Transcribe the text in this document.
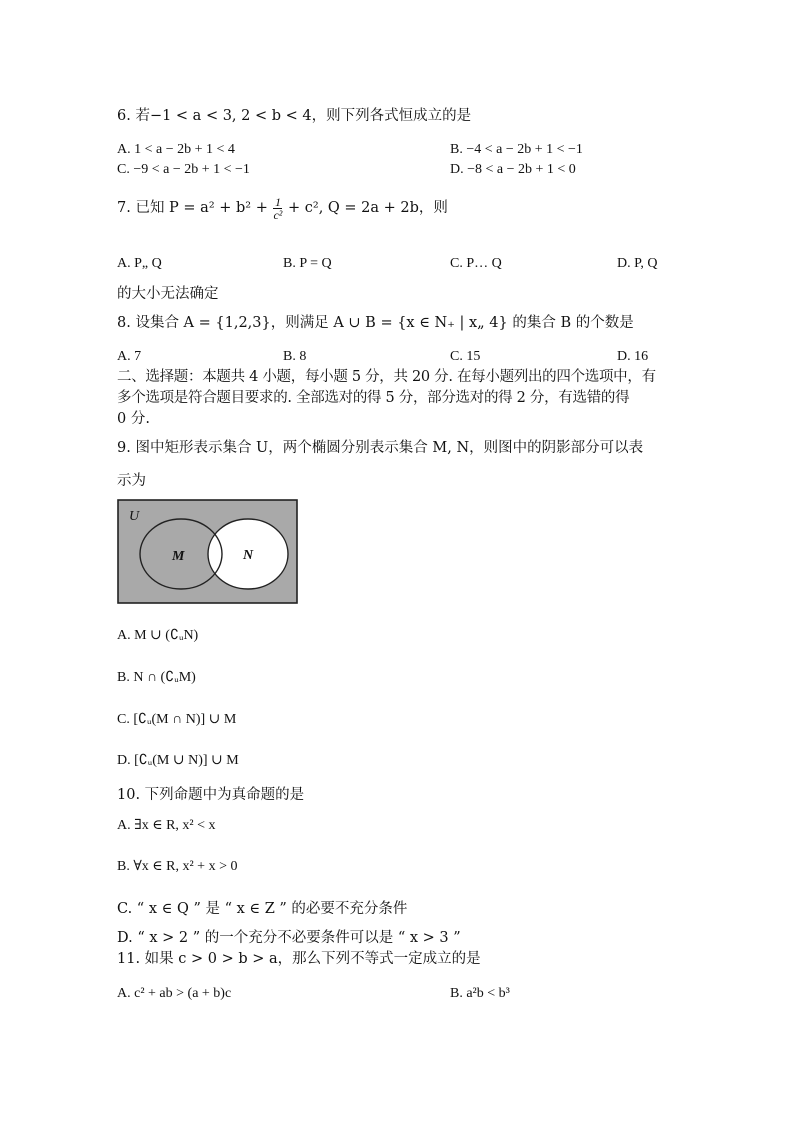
6. 若−1 < a < 3, 2 < b < 4，则下列各式恒成立的是
A. 1 < a − 2b + 1 < 4	B. −4 < a − 2b + 1 < −1
C. −9 < a − 2b + 1 < −1	D. −8 < a − 2b + 1 < 0
7. 已知 $P = a^2 + b^2 + \frac{1}{\text{c²}} + c^2$, Q = 2a + 2b，则
A. P„ Q	B. P = Q	C. P… Q	D. P, Q
的大小无法确定
8. 设集合 A = {1,2,3}，则满足 A ∪ B = {x ∈ N₊ | x„ 4} 的集合 B 的个数是
A. 7	B. 8	C. 15	D. 16
二、选择题：本题共 4 小题，每小题 5 分，共 20 分. 在每小题列出的四个选项中，有
多个选项是符合题目要求的. 全部选对的得 5 分，部分选对的得 2 分，有选错的得
0 分.
9. 图中矩形表示集合 U，两个椭圆分别表示集合 M, N，则图中的阴影部分可以表
示为
U
M	N
A. M ∪ (∁ᵤN)
B. N ∩ (∁ᵤM)
C. [∁ᵤ(M ∩ N)] ∪ M
D. [∁ᵤ(M ∪ N)] ∪ M
10. 下列命题中为真命题的是
A. ∃x ∈ R, x² < x
B. ∀x ∈ R, x² + x > 0
C. “ x ∈ Q ” 是 “ x ∈ Z ” 的必要不充分条件
D. “ x > 2 ” 的一个充分不必要条件可以是 “ x > 3 ”
11. 如果 c > 0 > b > a，那么下列不等式一定成立的是
A. c² + ab > (a + b)c	B. a²b < b³
